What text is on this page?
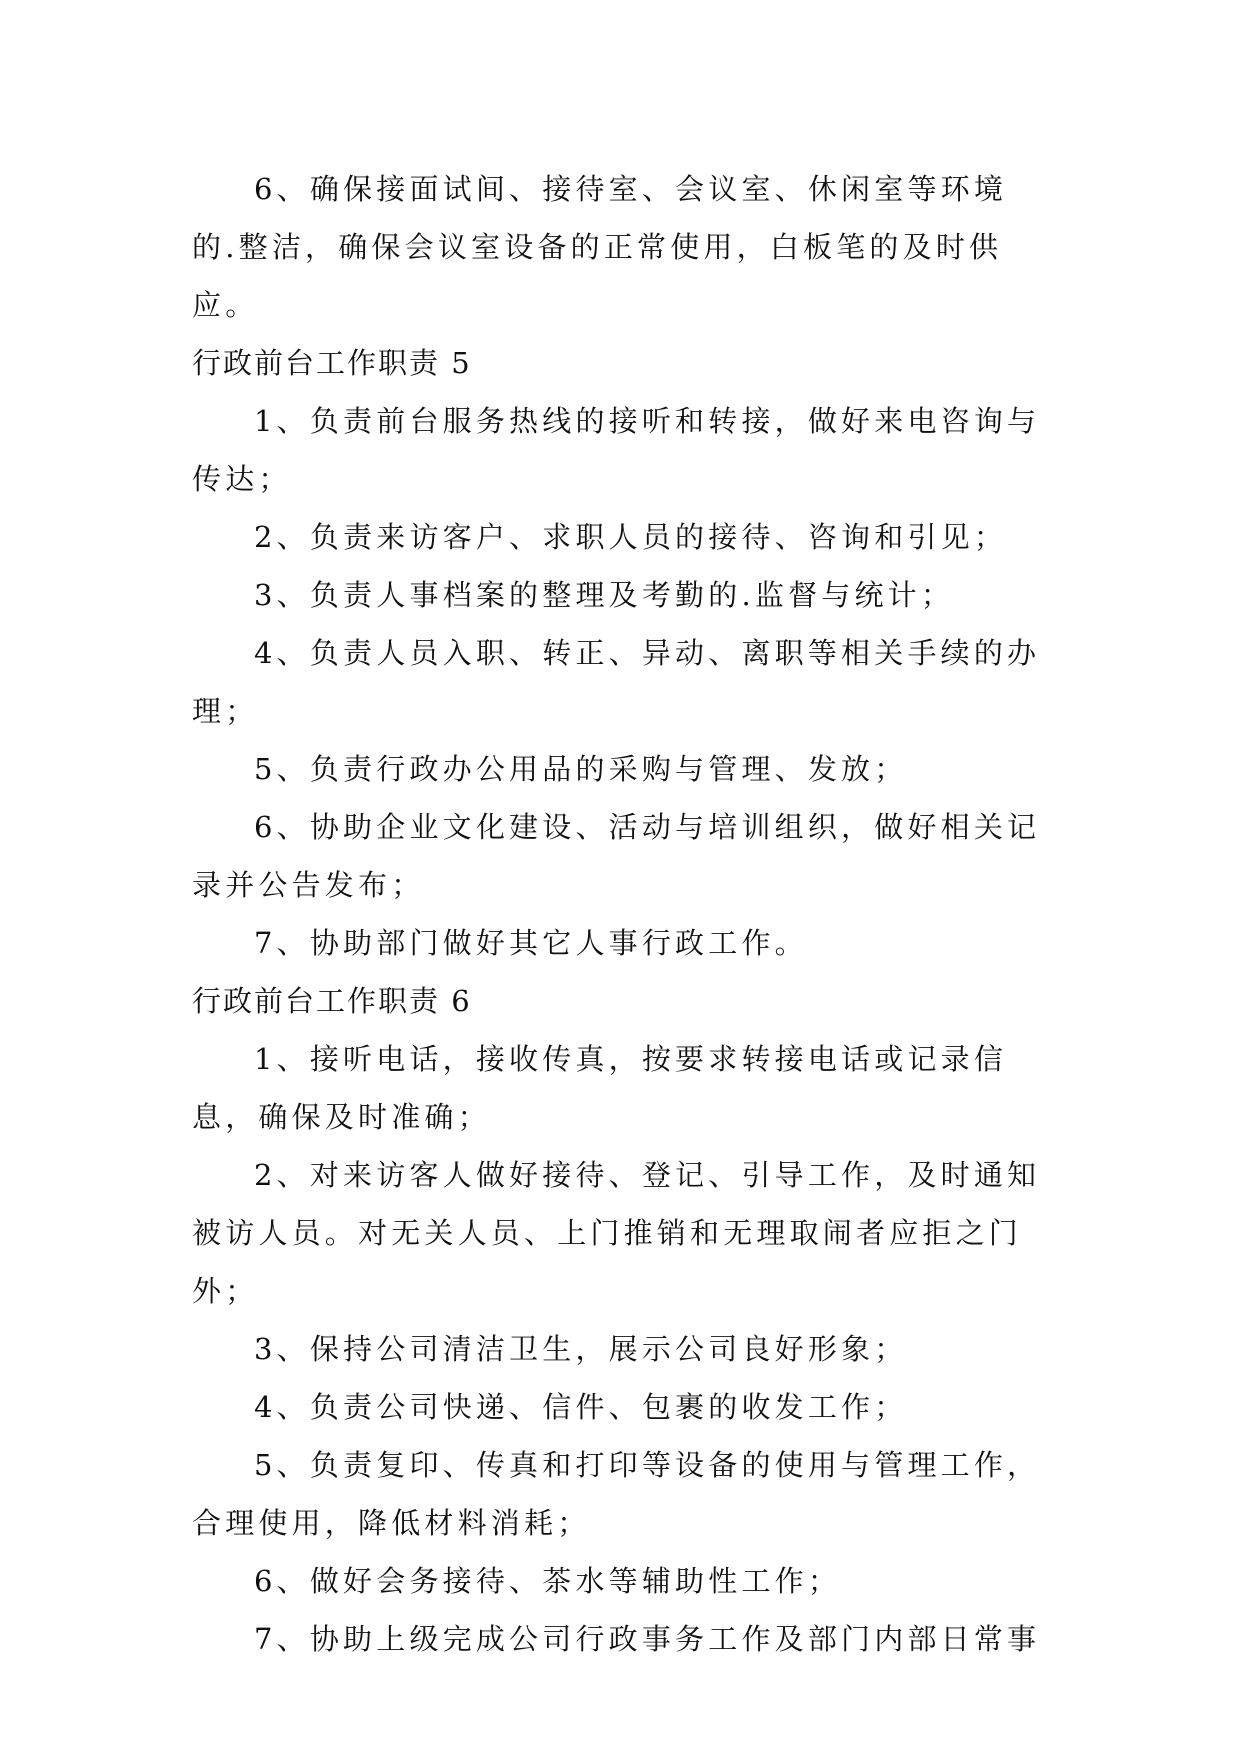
6、确保接面试间、接待室、会议室、休闲室等环境的.整洁，确保会议室设备的正常使用，白板笔的及时供应。

行政前台工作职责 5

1、负责前台服务热线的接听和转接，做好来电咨询与传达；

2、负责来访客户、求职人员的接待、咨询和引见；

3、负责人事档案的整理及考勤的.监督与统计；

4、负责人员入职、转正、异动、离职等相关手续的办理；

5、负责行政办公用品的采购与管理、发放；

6、协助企业文化建设、活动与培训组织，做好相关记录并公告发布；

7、协助部门做好其它人事行政工作。

行政前台工作职责 6

1、接听电话，接收传真，按要求转接电话或记录信息，确保及时准确；

2、对来访客人做好接待、登记、引导工作，及时通知被访人员。对无关人员、上门推销和无理取闹者应拒之门外；

3、保持公司清洁卫生，展示公司良好形象；

4、负责公司快递、信件、包裹的收发工作；

5、负责复印、传真和打印等设备的使用与管理工作，合理使用，降低材料消耗；

6、做好会务接待、茶水等辅助性工作；

7、协助上级完成公司行政事务工作及部门内部日常事
